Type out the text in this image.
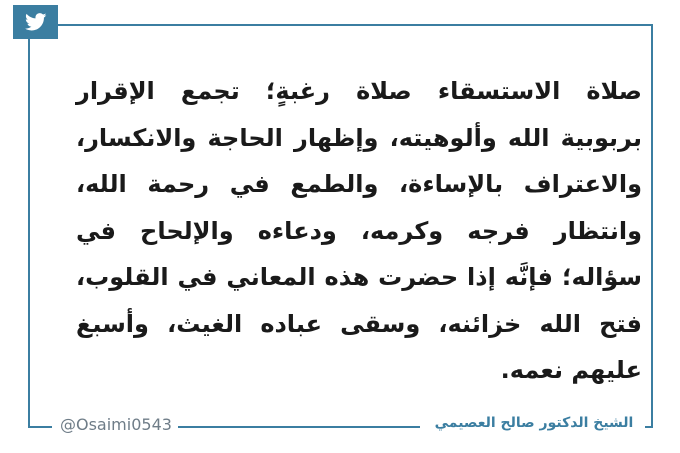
صلاة الاستسقاء صلاة رغبةٍ؛ تجمع الإقرار بربوبية الله وألوهيته، وإظهار الحاجة والانكسار، والاعتراف بالإساءة، والطمع في رحمة الله، وانتظار فرجه وكرمه، ودعاءه والإلحاح في سؤاله؛ فإنَّه إذا حضرت هذه المعاني في القلوب، فتح الله خزائنه، وسقى عباده الغيث، وأسبغ عليهم نعمه.
@Osaimi0543	الشيخ الدكتور صالح العصيمي
